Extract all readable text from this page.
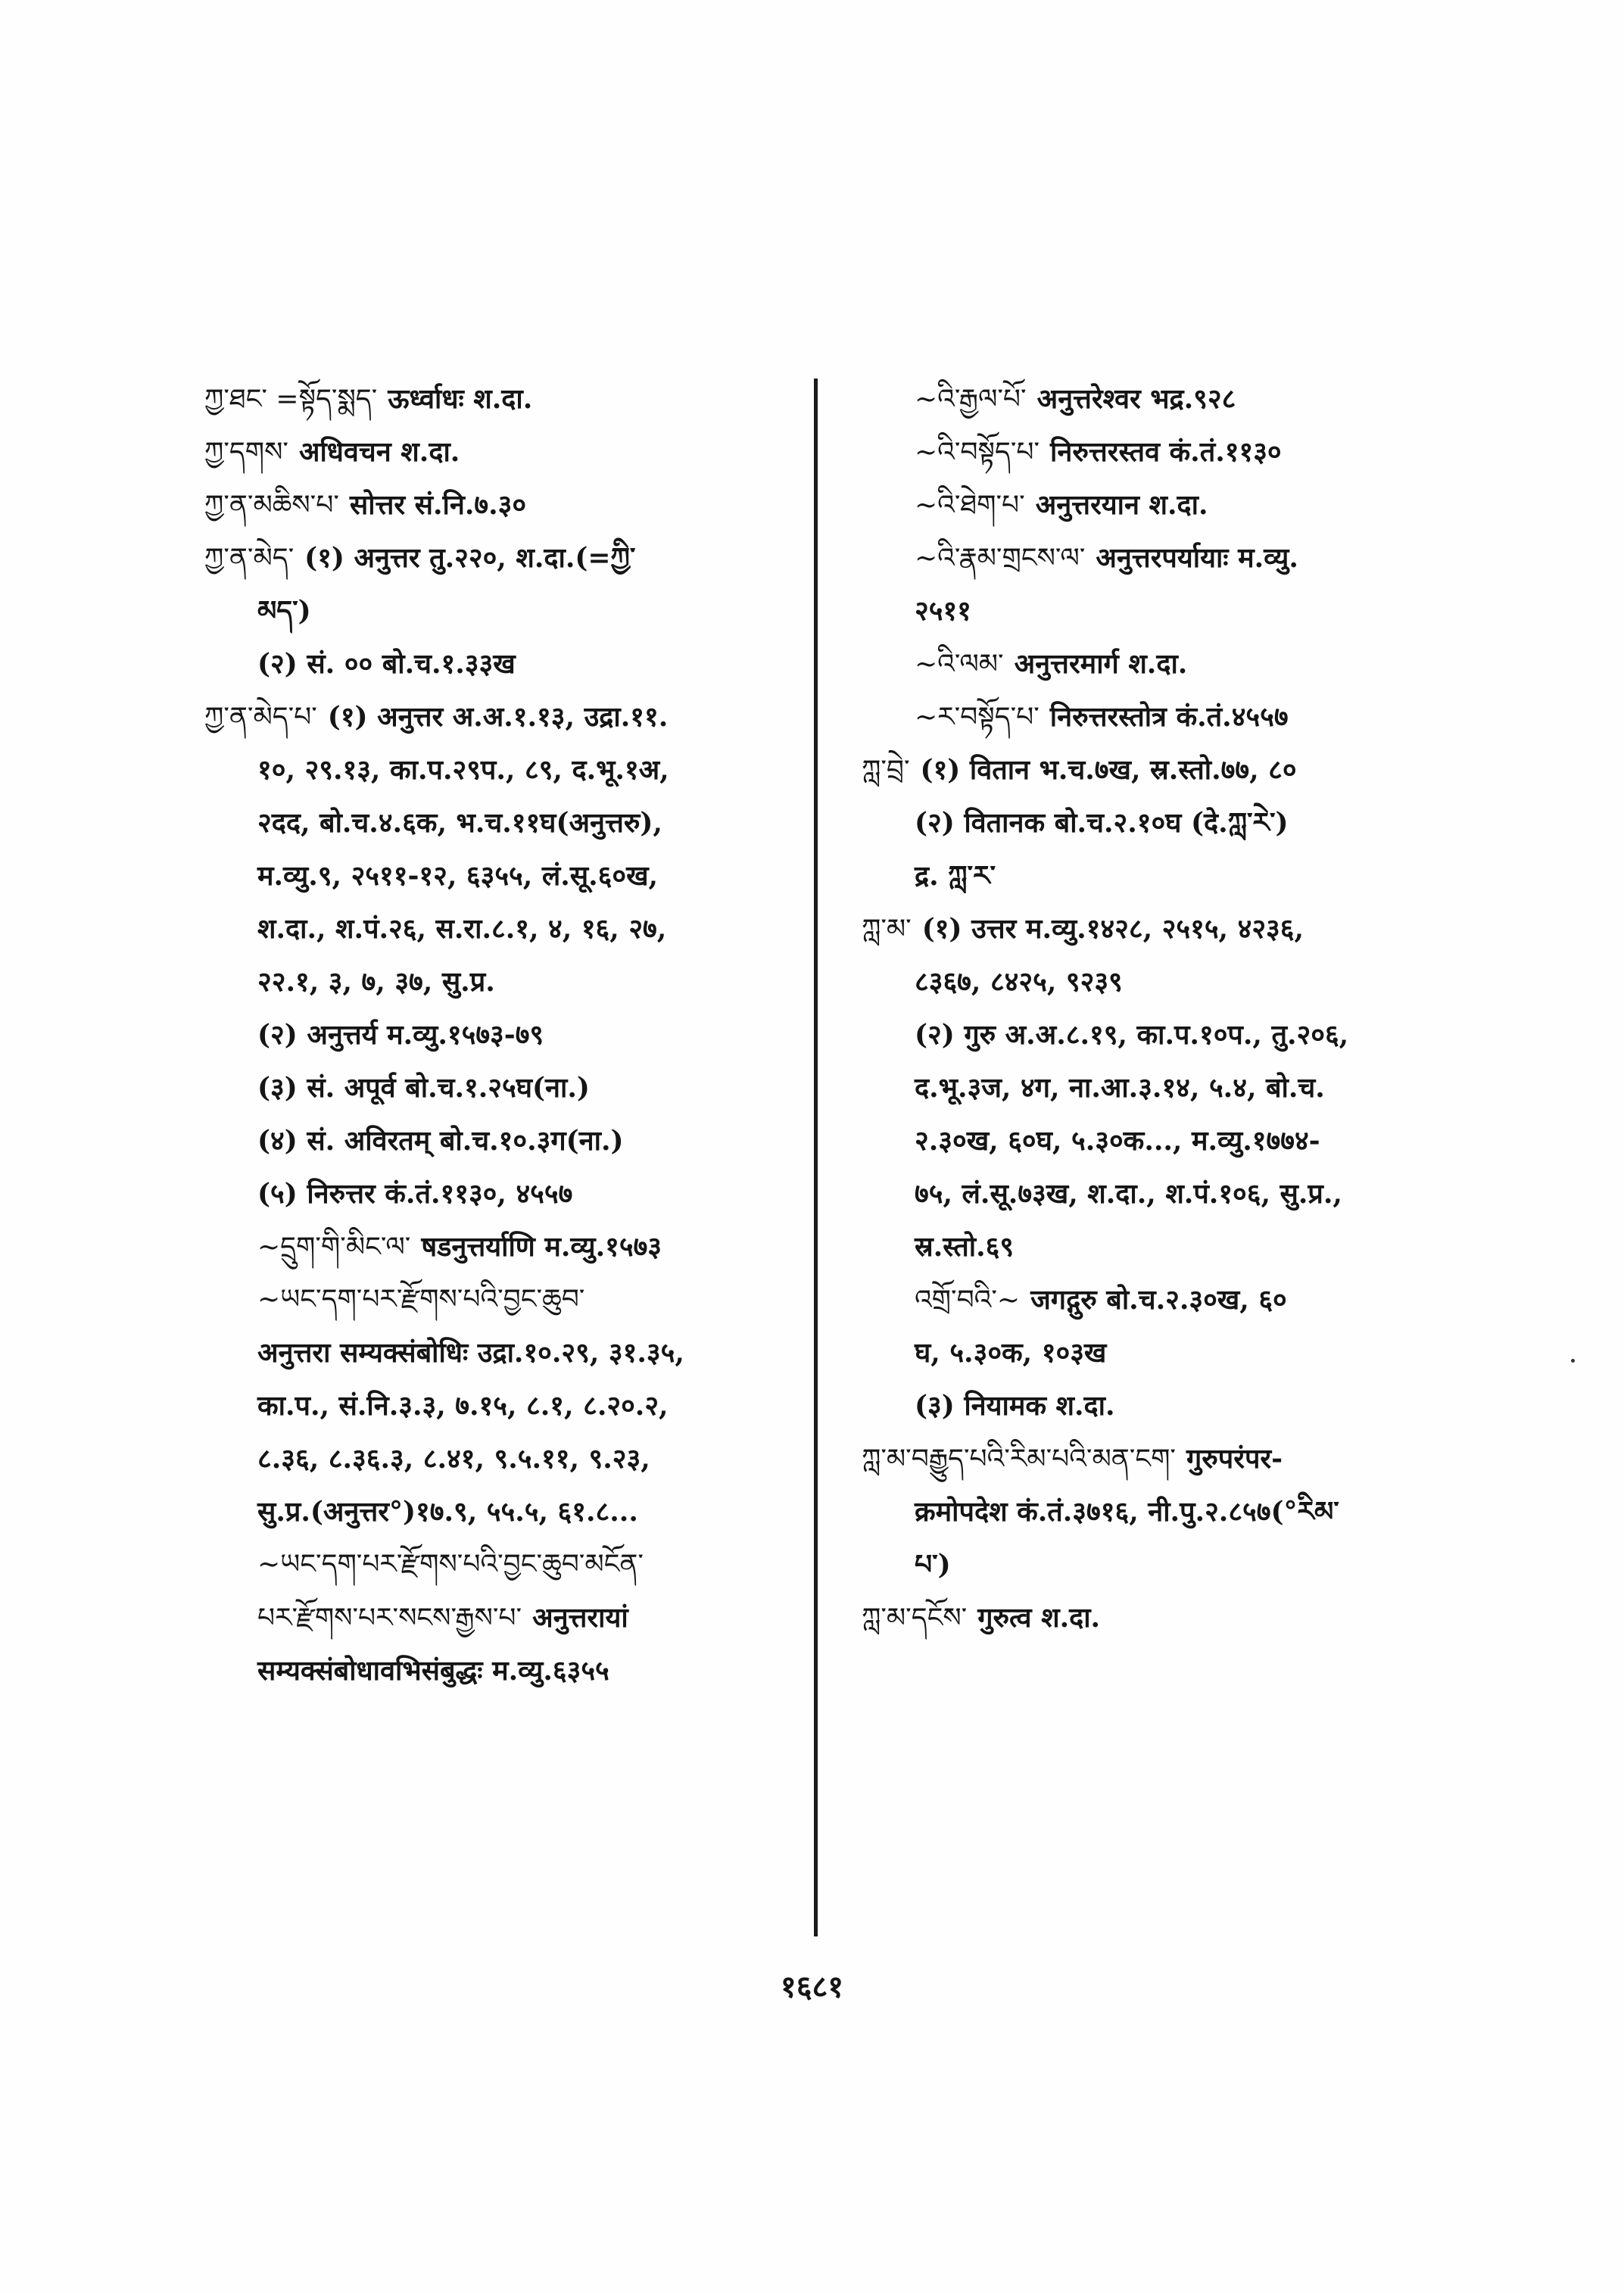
ཀྱ་ཐང་ =སྟོད་སྨད་ ऊर्ध्वाधः श.दा.
ཀྱ་དགས་ अधिवचन श.दा.
ཀྱ་ན་མཆིས་པ་ सोत्तर सं.नि.७.३०
ཀྱ་ན་མེད་ (१) अनुत्तर तु.२२०, श.दा.(=ཀྱི་
མད་)
(२) सं. ०० बो.च.१.३३ख
ཀྱ་ན་མེད་པ་ (१) अनुत्तर अ.अ.१.१३, उद्रा.११.
१०, २९.१३, का.प.२९प., ८९, द.भू.१अ,
२दद, बो.च.४.६क, भ.च.११घ(अनुत्तरु),
म.व्यु.९, २५११-१२, ६३५५, लं.सू.६०ख,
श.दा., श.पं.२६, स.रा.८.१, ४, १६, २७,
२२.१, ३, ७, ३७, सु.प्र.
(२) अनुत्तर्य म.व्यु.१५७३-७९
(३) सं. अपूर्व बो.च.१.२५घ(ना.)
(४) सं. अविरतम् बो.च.१०.३ग(ना.)
(५) निरुत्तर कं.तं.११३०, ४५५७
~དྲུག་གི་མིང་ལ་ षडनुत्तर्याणि म.व्यु.१५७३
~ཡང་དག་པར་རྫོགས་པའི་བྱང་ཆུབ་
अनुत्तरा सम्यक्संबोधिः उद्रा.१०.२९, ३१.३५,
का.प., सं.नि.३.३, ७.१५, ८.१, ८.२०.२,
८.३६, ८.३६.३, ८.४१, ९.५.११, ९.२३,
सु.प्र.(अनुत्तर°)१७.९, ५५.५, ६१.८...
~ཡང་དག་པར་རྫོགས་པའི་བྱང་ཆུབ་མངོན་
པར་རྫོགས་པར་སངས་རྒྱས་པ་ अनुत्तरायां
सम्यक्संबोधावभिसंबुद्धः म.व्यु.६३५५
~འི་རྒྱལ་པོ་ अनुत्तरेश्वर भद्र.९२८
~འི་བསྟོད་པ་ निरुत्तरस्तव कं.तं.११३०
~འི་ཐེག་པ་ अनुत्तरयान श.दा.
~འི་རྣམ་གྲངས་ལ་ अनुत्तरपर्यायाः म.व्यु.
२५११
~འི་ལམ་ अनुत्तरमार्ग श.दा.
~ར་བསྟོད་པ་ निरुत्तरस्तोत्र कं.तं.४५५७
ཀླ་བྲེ་ (१) वितान भ.च.७ख, स्र.स्तो.७७, ८०
(२) वितानक बो.च.२.१०घ (दे.ཀླ་རེ་)
द्र. ཀླ་ར་
ཀླ་མ་ (१) उत्तर म.व्यु.१४२८, २५१५, ४२३६,
८३६७, ८४२५, ९२३९
(२) गुरु अ.अ.८.१९, का.प.१०प., तु.२०६,
द.भू.३ज, ४ग, ना.आ.३.१४, ५.४, बो.च.
२.३०ख, ६०घ, ५.३०क..., म.व्यु.१७७४-
७५, लं.सू.७३ख, श.दा., श.पं.१०६, सु.प्र.,
स्र.स्तो.६९
འགྲོ་བའི་~ जगद्गुरु बो.च.२.३०ख, ६०
घ, ५.३०क, १०३ख
(३) नियामक श.दा.
ཀླ་མ་བརྒྱུད་པའི་རིམ་པའི་མན་ངག་ गुरुपरंपर-
क्रमोपदेश कं.तं.३७१६, नी.पु.२.८५७(°རིམ་
པ་)
ཀླ་མ་དངོས་ गुरुत्व श.दा.
१६८१
